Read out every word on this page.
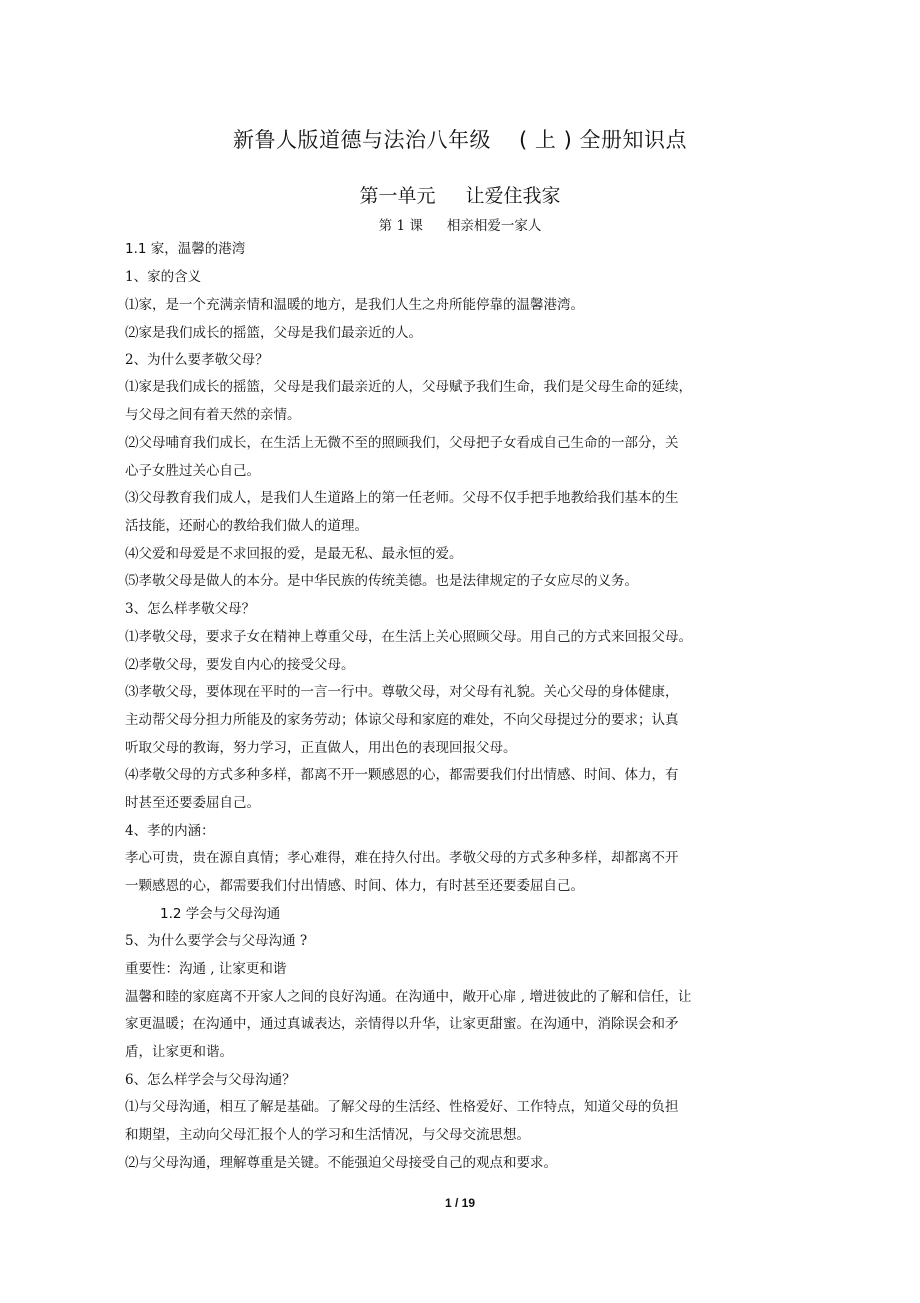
新鲁人版道德与法治八年级 ( 上 ) 全册知识点
第一单元 让爱住我家
第 1 课 相亲相爱一家人
1.1 家，温馨的港湾
1、家的含义
⑴家，是一个充满亲情和温暖的地方，是我们人生之舟所能停靠的温馨港湾。
⑵家是我们成长的摇篮，父母是我们最亲近的人。
2、为什么要孝敬父母？
⑴家是我们成长的摇篮，父母是我们最亲近的人，父母赋予我们生命，我们是父母生命的延续，
与父母之间有着天然的亲情。
⑵父母哺育我们成长，在生活上无微不至的照顾我们，父母把子女看成自己生命的一部分，关
心子女胜过关心自己。
⑶父母教育我们成人，是我们人生道路上的第一任老师。父母不仅手把手地教给我们基本的生
活技能，还耐心的教给我们做人的道理。
⑷父爱和母爱是不求回报的爱，是最无私、最永恒的爱。
⑸孝敬父母是做人的本分。是中华民族的传统美德。也是法律规定的子女应尽的义务。
3、怎么样孝敬父母？
⑴孝敬父母，要求子女在精神上尊重父母，在生活上关心照顾父母。用自己的方式来回报父母。
⑵孝敬父母，要发自内心的接受父母。
⑶孝敬父母，要体现在平时的一言一行中。尊敬父母，对父母有礼貌。关心父母的身体健康，
主动帮父母分担力所能及的家务劳动；体谅父母和家庭的难处，不向父母提过分的要求；认真
听取父母的教诲，努力学习，正直做人，用出色的表现回报父母。
⑷孝敬父母的方式多种多样，都离不开一颗感恩的心，都需要我们付出情感、时间、体力，有
时甚至还要委屈自己。
4、孝的内涵：
孝心可贵，贵在源自真情；孝心难得，难在持久付出。孝敬父母的方式多种多样，却都离不开
一颗感恩的心，都需要我们付出情感、时间、体力，有时甚至还要委屈自己。
1.2 学会与父母沟通
5、为什么要学会与父母沟通 ?
重要性：沟通 , 让家更和谐
温馨和睦的家庭离不开家人之间的良好沟通。在沟通中，敞开心扉 , 增进彼此的了解和信任，让
家更温暖；在沟通中，通过真诚表达，亲情得以升华，让家更甜蜜。在沟通中，消除误会和矛
盾，让家更和谐。
6、怎么样学会与父母沟通？
⑴与父母沟通，相互了解是基础。了解父母的生活经、性格爱好、工作特点，知道父母的负担
和期望，主动向父母汇报个人的学习和生活情况，与父母交流思想。
⑵与父母沟通，理解尊重是关键。不能强迫父母接受自己的观点和要求。
1 / 19
